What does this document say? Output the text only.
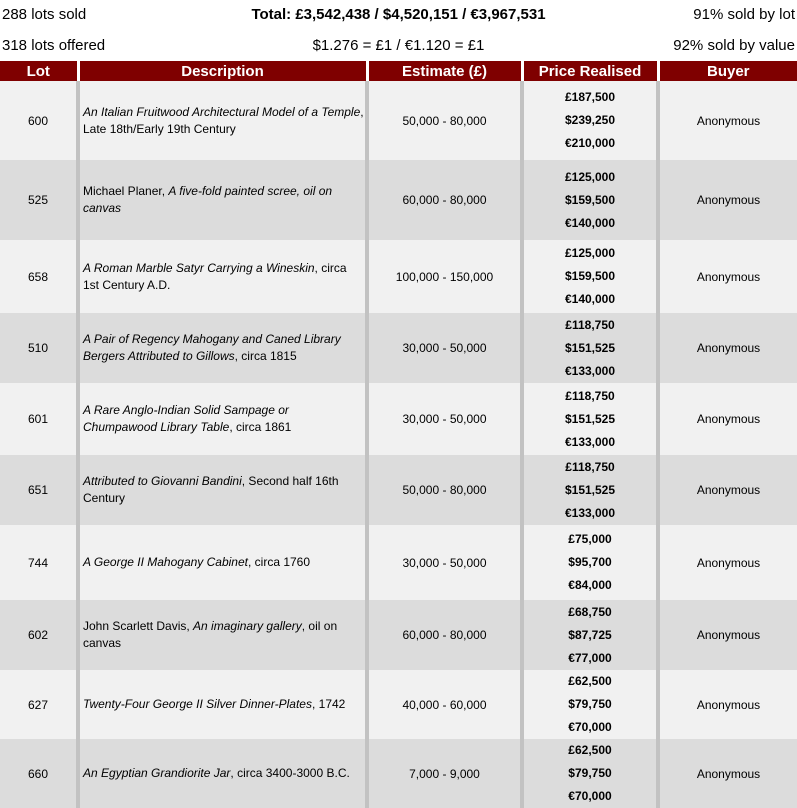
288 lots sold	Total: £3,542,438 / $4,520,151 / €3,967,531	91% sold by lot
318 lots offered	$1.276 = £1 / €1.120 = £1	92% sold by value
Lot	Description	Estimate (£)	Price Realised	Buyer
600	An Italian Fruitwood Architectural Model of a Temple, Late 18th/Early 19th Century	50,000 - 80,000	£187,500
$239,250
€210,000	Anonymous
525	Michael Planer, A five-fold painted scree, oil on canvas	60,000 - 80,000	£125,000
$159,500
€140,000	Anonymous
658	A Roman Marble Satyr Carrying a Wineskin, circa 1st Century A.D.	100,000 - 150,000	£125,000
$159,500
€140,000	Anonymous
510	A Pair of Regency Mahogany and Caned Library Bergers Attributed to Gillows, circa 1815	30,000 - 50,000	£118,750
$151,525
€133,000	Anonymous
601	A Rare Anglo-Indian Solid Sampage or Chumpawood Library Table, circa 1861	30,000 - 50,000	£118,750
$151,525
€133,000	Anonymous
651	Attributed to Giovanni Bandini, Second half 16th Century	50,000 - 80,000	£118,750
$151,525
€133,000	Anonymous
744	A George II Mahogany Cabinet, circa 1760	30,000 - 50,000	£75,000
$95,700
€84,000	Anonymous
602	John Scarlett Davis, An imaginary gallery, oil on canvas	60,000 - 80,000	£68,750
$87,725
€77,000	Anonymous
627	Twenty-Four George II Silver Dinner-Plates, 1742	40,000 - 60,000	£62,500
$79,750
€70,000	Anonymous
660	An Egyptian Grandiorite Jar, circa 3400-3000 B.C.	7,000 - 9,000	£62,500
$79,750
€70,000	Anonymous
